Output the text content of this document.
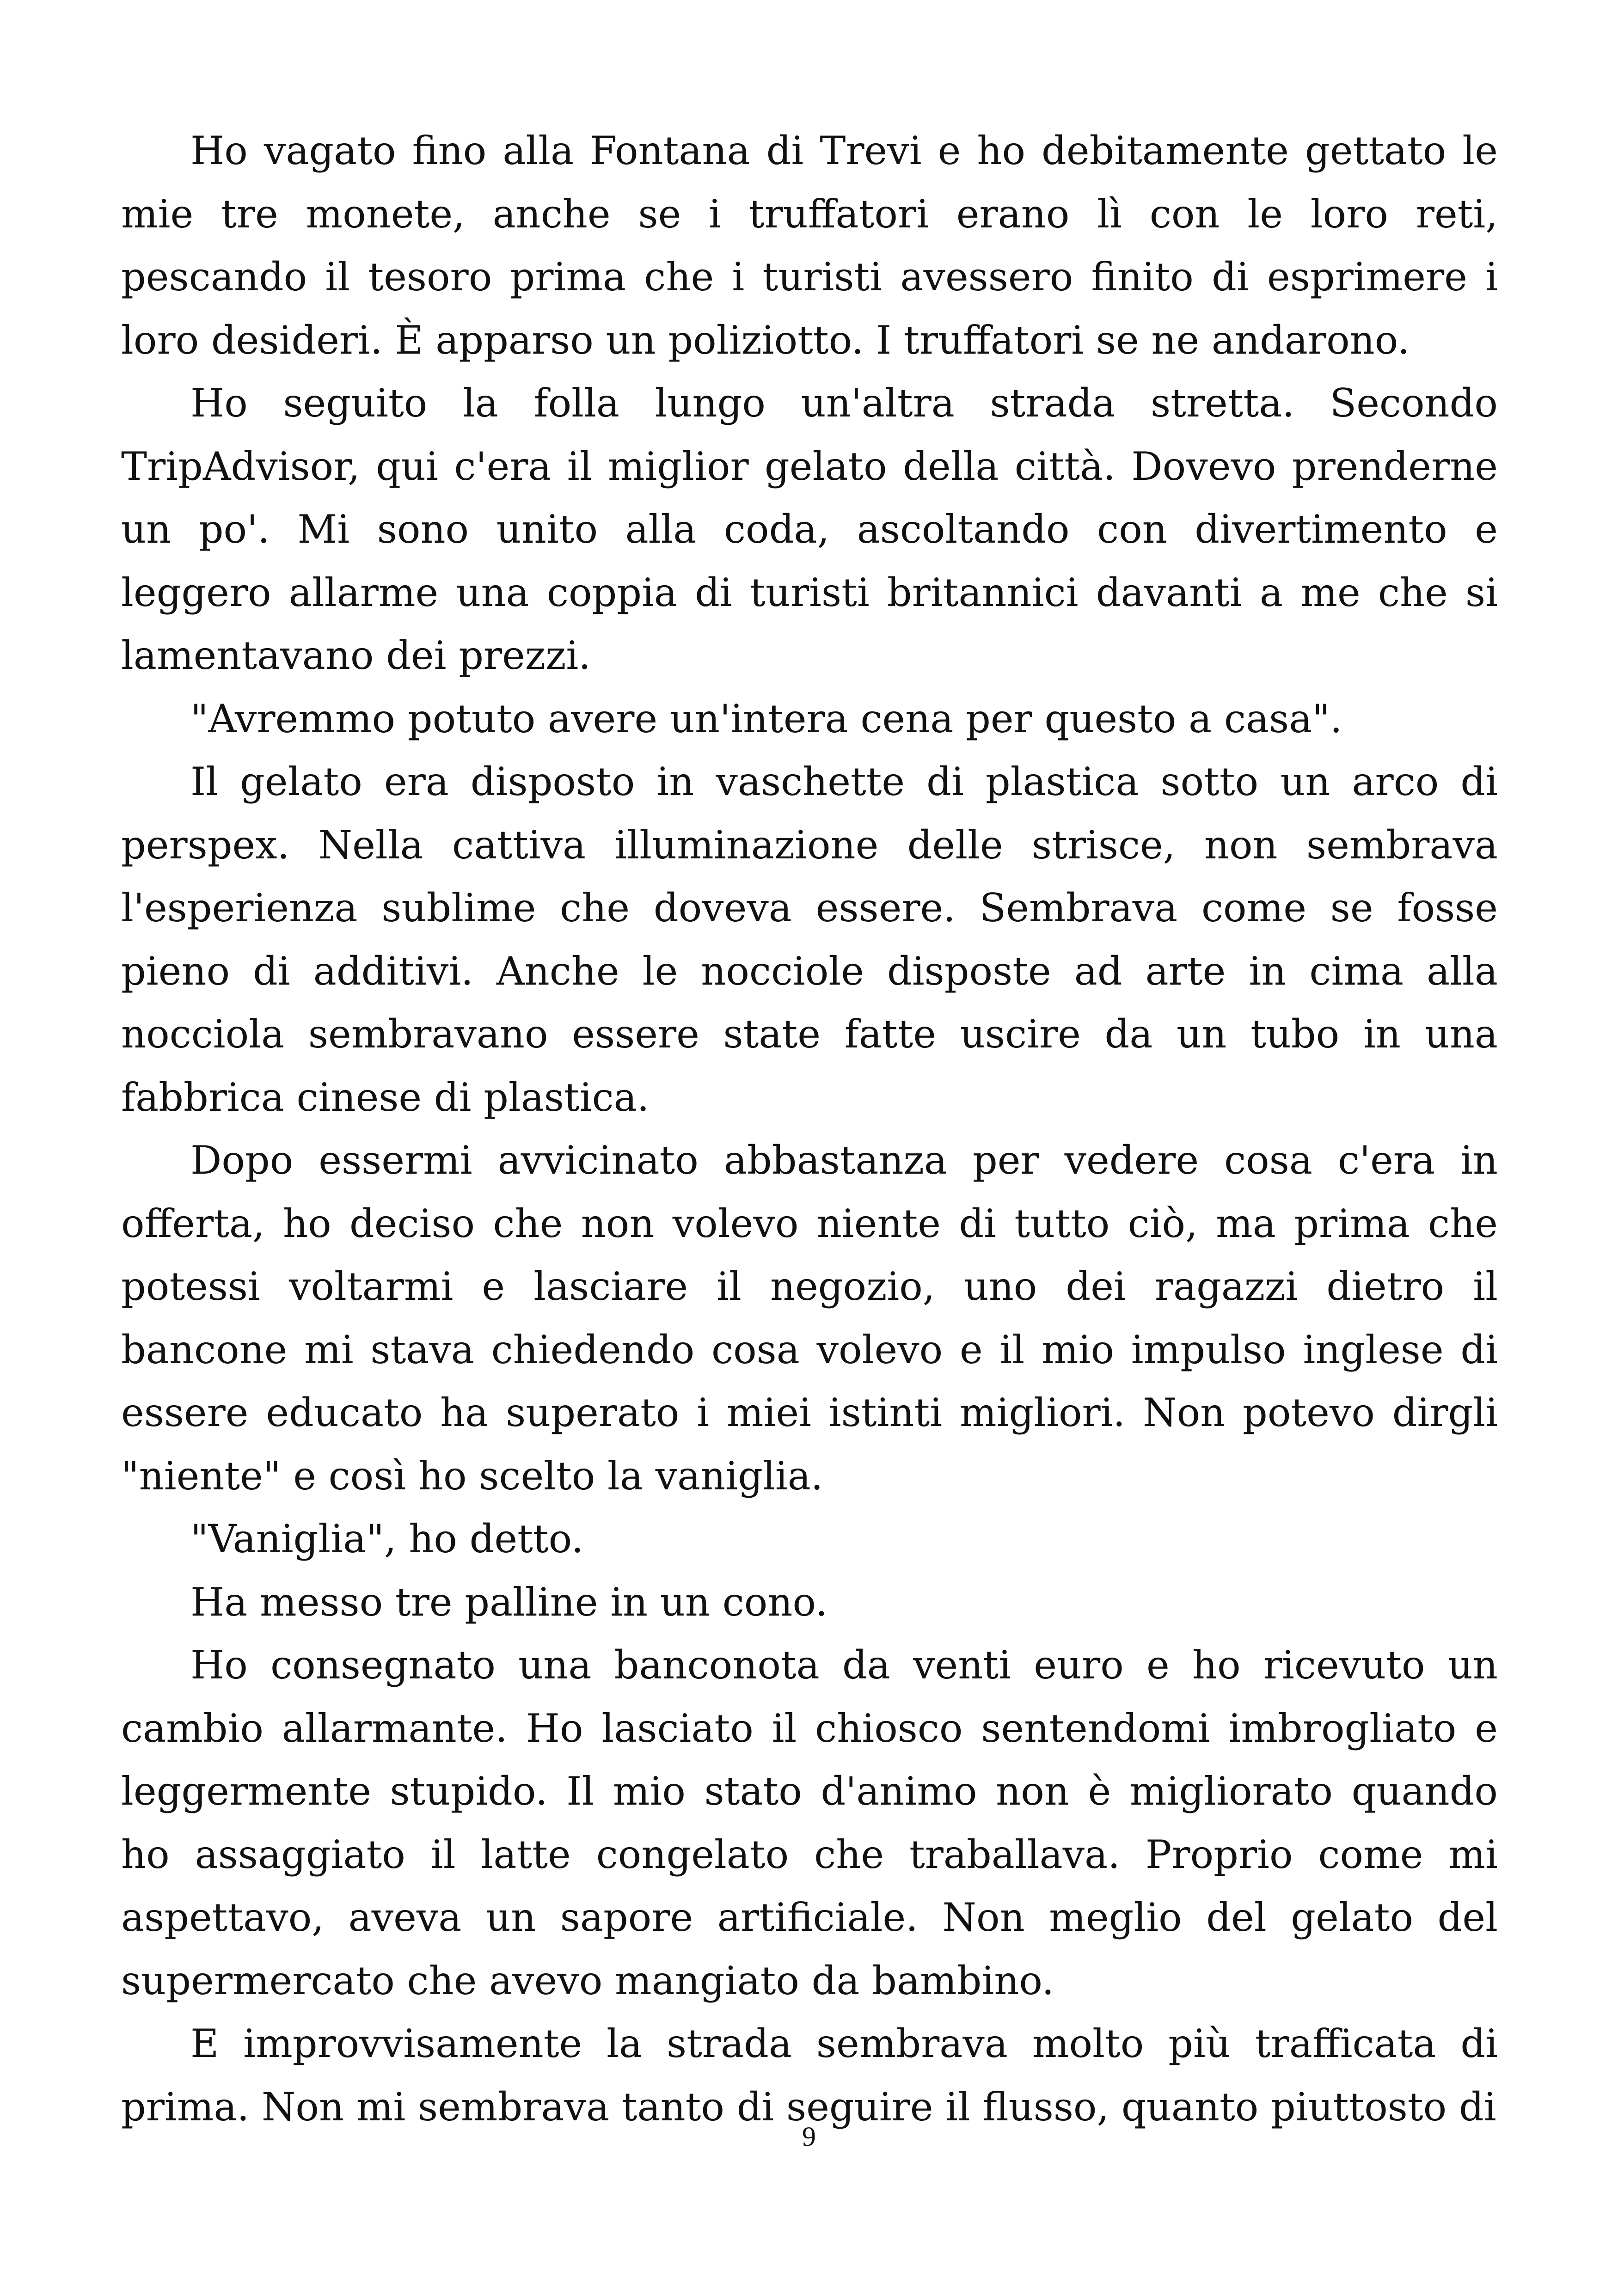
Ho vagato fino alla Fontana di Trevi e ho debitamente gettato le mie tre monete, anche se i truffatori erano lì con le loro reti, pescando il tesoro prima che i turisti avessero finito di esprimere i loro desideri. È apparso un poliziotto. I truffatori se ne andarono.

Ho seguito la folla lungo un'altra strada stretta. Secondo TripAdvisor, qui c'era il miglior gelato della città. Dovevo prenderne un po'. Mi sono unito alla coda, ascoltando con divertimento e leggero allarme una coppia di turisti britannici davanti a me che si lamentavano dei prezzi.

"Avremmo potuto avere un'intera cena per questo a casa".

Il gelato era disposto in vaschette di plastica sotto un arco di perspex. Nella cattiva illuminazione delle strisce, non sembrava l'esperienza sublime che doveva essere. Sembrava come se fosse pieno di additivi. Anche le nocciole disposte ad arte in cima alla nocciola sembravano essere state fatte uscire da un tubo in una fabbrica cinese di plastica.

Dopo essermi avvicinato abbastanza per vedere cosa c'era in offerta, ho deciso che non volevo niente di tutto ciò, ma prima che potessi voltarmi e lasciare il negozio, uno dei ragazzi dietro il bancone mi stava chiedendo cosa volevo e il mio impulso inglese di essere educato ha superato i miei istinti migliori. Non potevo dirgli "niente" e così ho scelto la vaniglia.

"Vaniglia", ho detto.

Ha messo tre palline in un cono.

Ho consegnato una banconota da venti euro e ho ricevuto un cambio allarmante. Ho lasciato il chiosco sentendomi imbrogliato e leggermente stupido. Il mio stato d'animo non è migliorato quando ho assaggiato il latte congelato che traballava. Proprio come mi aspettavo, aveva un sapore artificiale. Non meglio del gelato del supermercato che avevo mangiato da bambino.

E improvvisamente la strada sembrava molto più trafficata di prima. Non mi sembrava tanto di seguire il flusso, quanto piuttosto di

9
